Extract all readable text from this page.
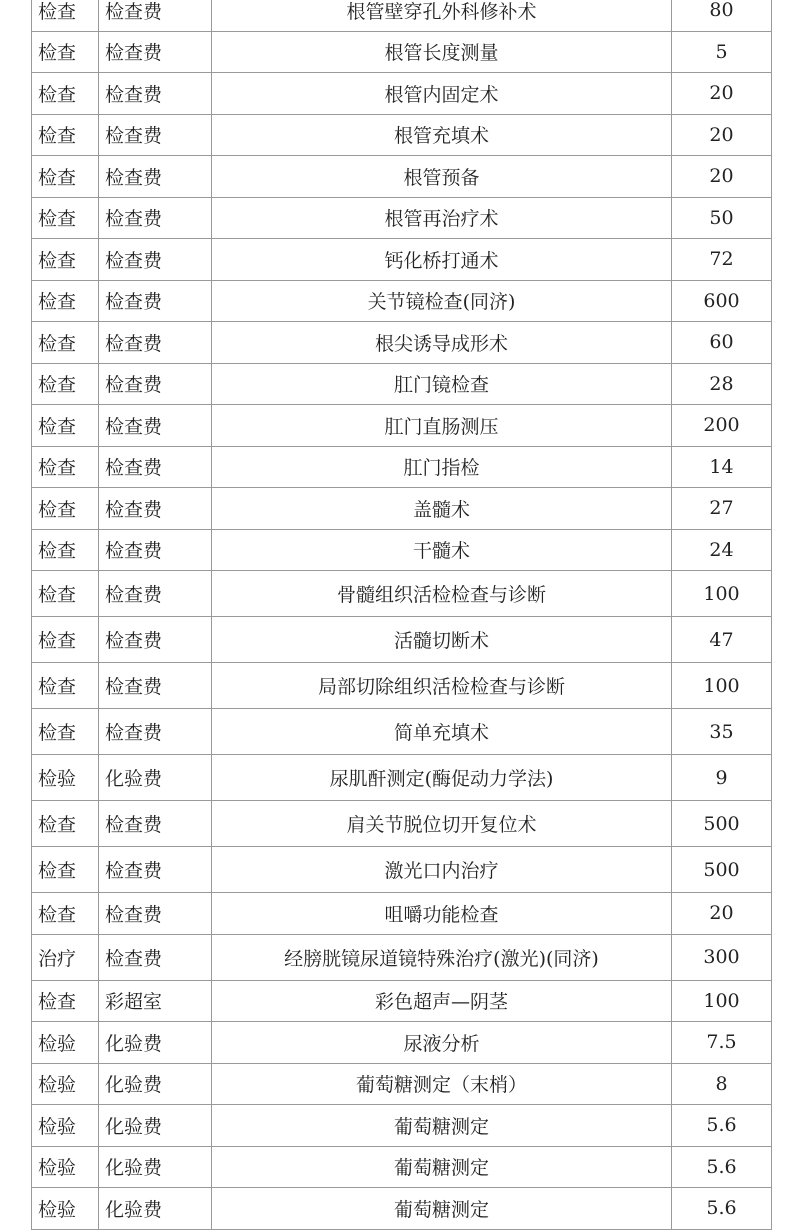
检查	检查费	根管壁穿孔外科修补术	80
检查	检查费	根管长度测量	5
检查	检查费	根管内固定术	20
检查	检查费	根管充填术	20
检查	检查费	根管预备	20
检查	检查费	根管再治疗术	50
检查	检查费	钙化桥打通术	72
检查	检查费	关节镜检查(同济)	600
检查	检查费	根尖诱导成形术	60
检查	检查费	肛门镜检查	28
检查	检查费	肛门直肠测压	200
检查	检查费	肛门指检	14
检查	检查费	盖髓术	27
检查	检查费	干髓术	24
检查	检查费	骨髓组织活检检查与诊断	100
检查	检查费	活髓切断术	47
检查	检查费	局部切除组织活检检查与诊断	100
检查	检查费	简单充填术	35
检验	化验费	尿肌酐测定(酶促动力学法)	9
检查	检查费	肩关节脱位切开复位术	500
检查	检查费	激光口内治疗	500
检查	检查费	咀嚼功能检查	20
治疗	检查费	经膀胱镜尿道镜特殊治疗(激光)(同济)	300
检查	彩超室	彩色超声—阴茎	100
检验	化验费	尿液分析	7.5
检验	化验费	葡萄糖测定（末梢）	8
检验	化验费	葡萄糖测定	5.6
检验	化验费	葡萄糖测定	5.6
检验	化验费	葡萄糖测定	5.6
